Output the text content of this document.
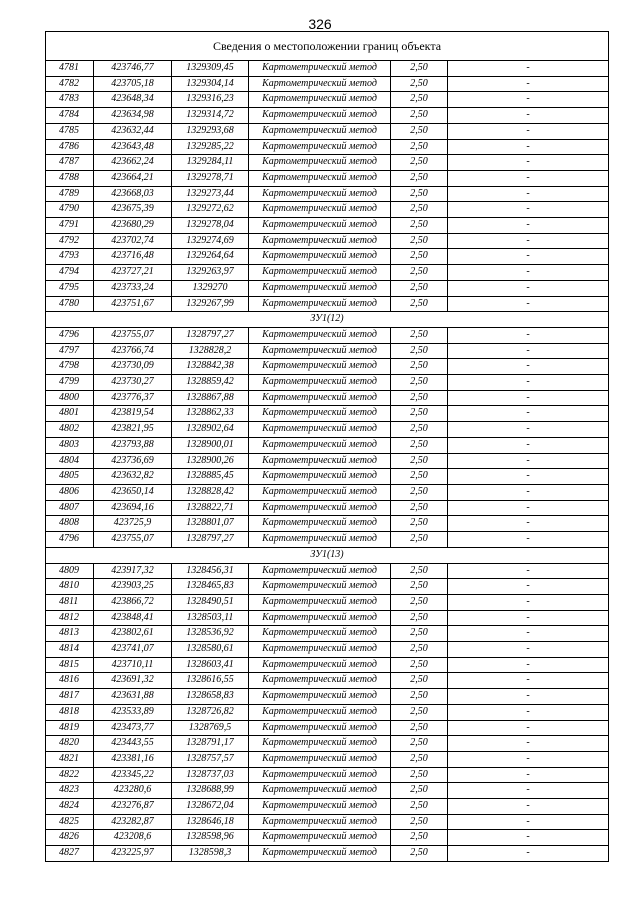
326
Сведения о местоположении границ объекта					
4781	423746,77	1329309,45	Картометрический метод	2,50	-
4782	423705,18	1329304,14	Картометрический метод	2,50	-
4783	423648,34	1329316,23	Картометрический метод	2,50	-
4784	423634,98	1329314,72	Картометрический метод	2,50	-
4785	423632,44	1329293,68	Картометрический метод	2,50	-
4786	423643,48	1329285,22	Картометрический метод	2,50	-
4787	423662,24	1329284,11	Картометрический метод	2,50	-
4788	423664,21	1329278,71	Картометрический метод	2,50	-
4789	423668,03	1329273,44	Картометрический метод	2,50	-
4790	423675,39	1329272,62	Картометрический метод	2,50	-
4791	423680,29	1329278,04	Картометрический метод	2,50	-
4792	423702,74	1329274,69	Картометрический метод	2,50	-
4793	423716,48	1329264,64	Картометрический метод	2,50	-
4794	423727,21	1329263,97	Картометрический метод	2,50	-
4795	423733,24	1329270	Картометрический метод	2,50	-
4780	423751,67	1329267,99	Картометрический метод	2,50	-
ЗУ1(12)					
4796	423755,07	1328797,27	Картометрический метод	2,50	-
4797	423766,74	1328828,2	Картометрический метод	2,50	-
4798	423730,09	1328842,38	Картометрический метод	2,50	-
4799	423730,27	1328859,42	Картометрический метод	2,50	-
4800	423776,37	1328867,88	Картометрический метод	2,50	-
4801	423819,54	1328862,33	Картометрический метод	2,50	-
4802	423821,95	1328902,64	Картометрический метод	2,50	-
4803	423793,88	1328900,01	Картометрический метод	2,50	-
4804	423736,69	1328900,26	Картометрический метод	2,50	-
4805	423632,82	1328885,45	Картометрический метод	2,50	-
4806	423650,14	1328828,42	Картометрический метод	2,50	-
4807	423694,16	1328822,71	Картометрический метод	2,50	-
4808	423725,9	1328801,07	Картометрический метод	2,50	-
4796	423755,07	1328797,27	Картометрический метод	2,50	-
ЗУ1(13)					
4809	423917,32	1328456,31	Картометрический метод	2,50	-
4810	423903,25	1328465,83	Картометрический метод	2,50	-
4811	423866,72	1328490,51	Картометрический метод	2,50	-
4812	423848,41	1328503,11	Картометрический метод	2,50	-
4813	423802,61	1328536,92	Картометрический метод	2,50	-
4814	423741,07	1328580,61	Картометрический метод	2,50	-
4815	423710,11	1328603,41	Картометрический метод	2,50	-
4816	423691,32	1328616,55	Картометрический метод	2,50	-
4817	423631,88	1328658,83	Картометрический метод	2,50	-
4818	423533,89	1328726,82	Картометрический метод	2,50	-
4819	423473,77	1328769,5	Картометрический метод	2,50	-
4820	423443,55	1328791,17	Картометрический метод	2,50	-
4821	423381,16	1328757,57	Картометрический метод	2,50	-
4822	423345,22	1328737,03	Картометрический метод	2,50	-
4823	423280,6	1328688,99	Картометрический метод	2,50	-
4824	423276,87	1328672,04	Картометрический метод	2,50	-
4825	423282,87	1328646,18	Картометрический метод	2,50	-
4826	423208,6	1328598,96	Картометрический метод	2,50	-
4827	423225,97	1328598,3	Картометрический метод	2,50	-
